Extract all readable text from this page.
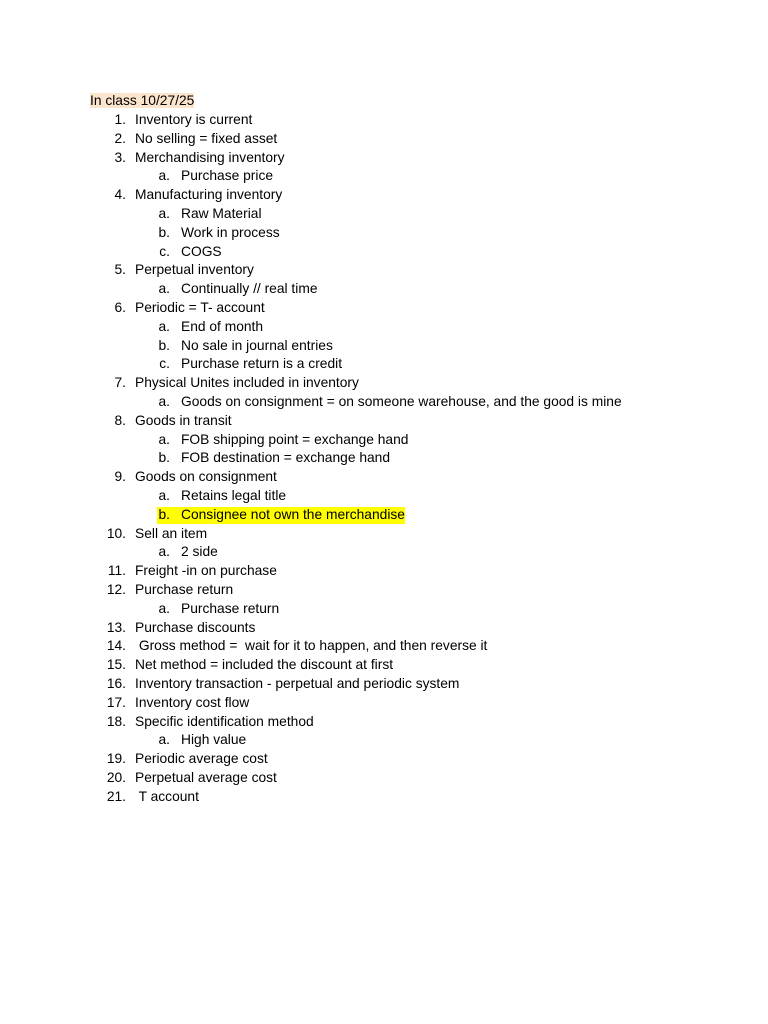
In class 10/27/25
1. Inventory is current
2. No selling = fixed asset
3. Merchandising inventory
a. Purchase price
4. Manufacturing inventory
a. Raw Material
b. Work in process
c. COGS
5. Perpetual inventory
a. Continually // real time
6. Periodic = T- account
a. End of month
b. No sale in journal entries
c. Purchase return is a credit
7. Physical Unites included in inventory
a. Goods on consignment = on someone warehouse, and the good is mine
8. Goods in transit
a. FOB shipping point = exchange hand
b. FOB destination = exchange hand
9. Goods on consignment
a. Retains legal title
b. Consignee not own the merchandise
10. Sell an item
a. 2 side
11. Freight -in on purchase
12. Purchase return
a. Purchase return
13. Purchase discounts
14. Gross method =  wait for it to happen, and then reverse it
15. Net method = included the discount at first
16. Inventory transaction - perpetual and periodic system
17. Inventory cost flow
18. Specific identification method
a. High value
19. Periodic average cost
20. Perpetual average cost
21. T account
